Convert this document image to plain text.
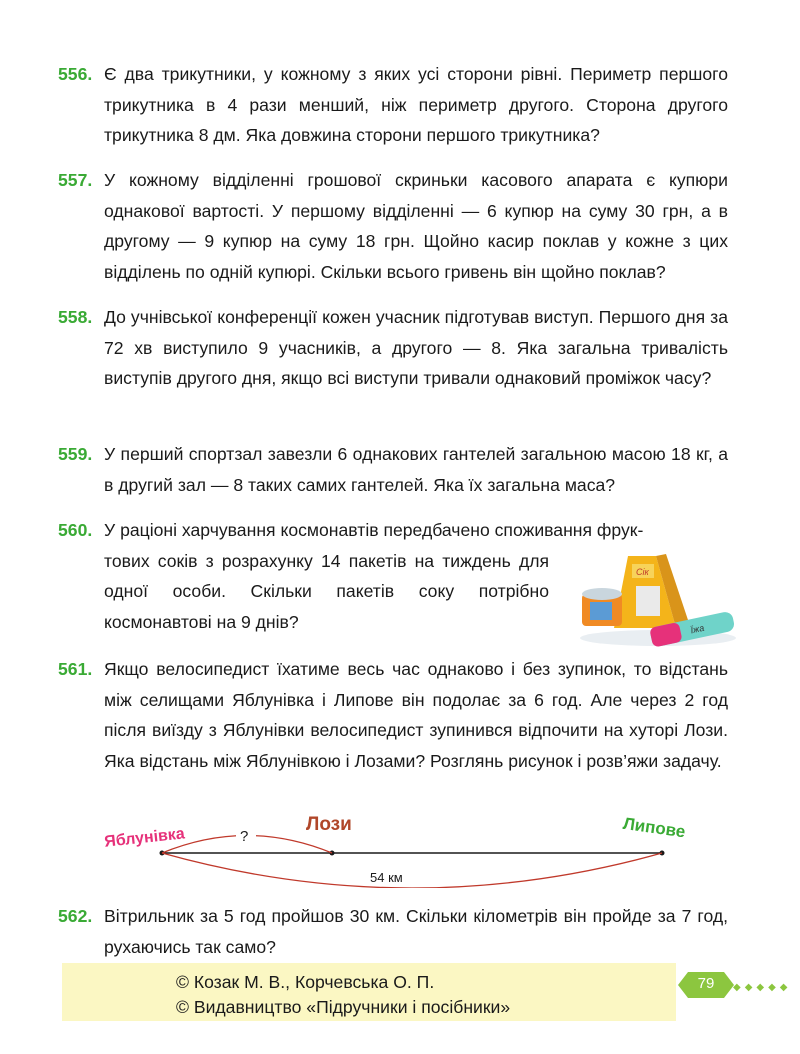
556. Є два трикутники, у кожному з яких усі сторони рівні. Периметр першого трикутника в 4 рази менший, ніж периметр другого. Сторона другого трикутника 8 дм. Яка довжина сторони першого трикутника?
557. У кожному відділенні грошової скриньки касового апарата є купюри однакової вартості. У першому відділенні — 6 купюр на суму 30 грн, а в другому — 9 купюр на суму 18 грн. Щойно касир поклав у кожне з цих відділень по одній купюрі. Скільки всього гривень він щойно поклав?
558. До учнівської конференції кожен учасник підготував виступ. Першого дня за 72 хв виступило 9 учасників, а другого — 8. Яка загальна тривалість виступів другого дня, якщо всі виступи тривали однаковий проміжок часу?
559. У перший спортзал завезли 6 однакових гантелей загальною масою 18 кг, а в другий зал — 8 таких самих гантелей. Яка їх загальна маса?
560. У раціоні харчування космонавтів передбачено споживання фрук-
тових соків з розрахунку 14 пакетів на тиждень для одної особи. Скільки пакетів соку потрібно космонавтові на 9 днів?
Сік
Їжа
561. Якщо велосипедист їхатиме весь час однаково і без зупинок, то відстань між селищами Яблунівка і Липове він подолає за 6 год. Але через 2 год після виїзду з Яблунівки велосипедист зупинився відпочити на хуторі Лози. Яка відстань між Яблунівкою і Лозами? Розглянь рисунок і розв’яжи задачу.
?
54 км
Яблунівка
Лози	Липове
562. Вітрильник за 5 год пройшов 30 км. Скільки кілометрів він пройде за 7 год, рухаючись так само?
© Козак М. В., Корчевська О. П.
© Видавництво «Підручники і посібники»
79	◆◆◆◆◆
